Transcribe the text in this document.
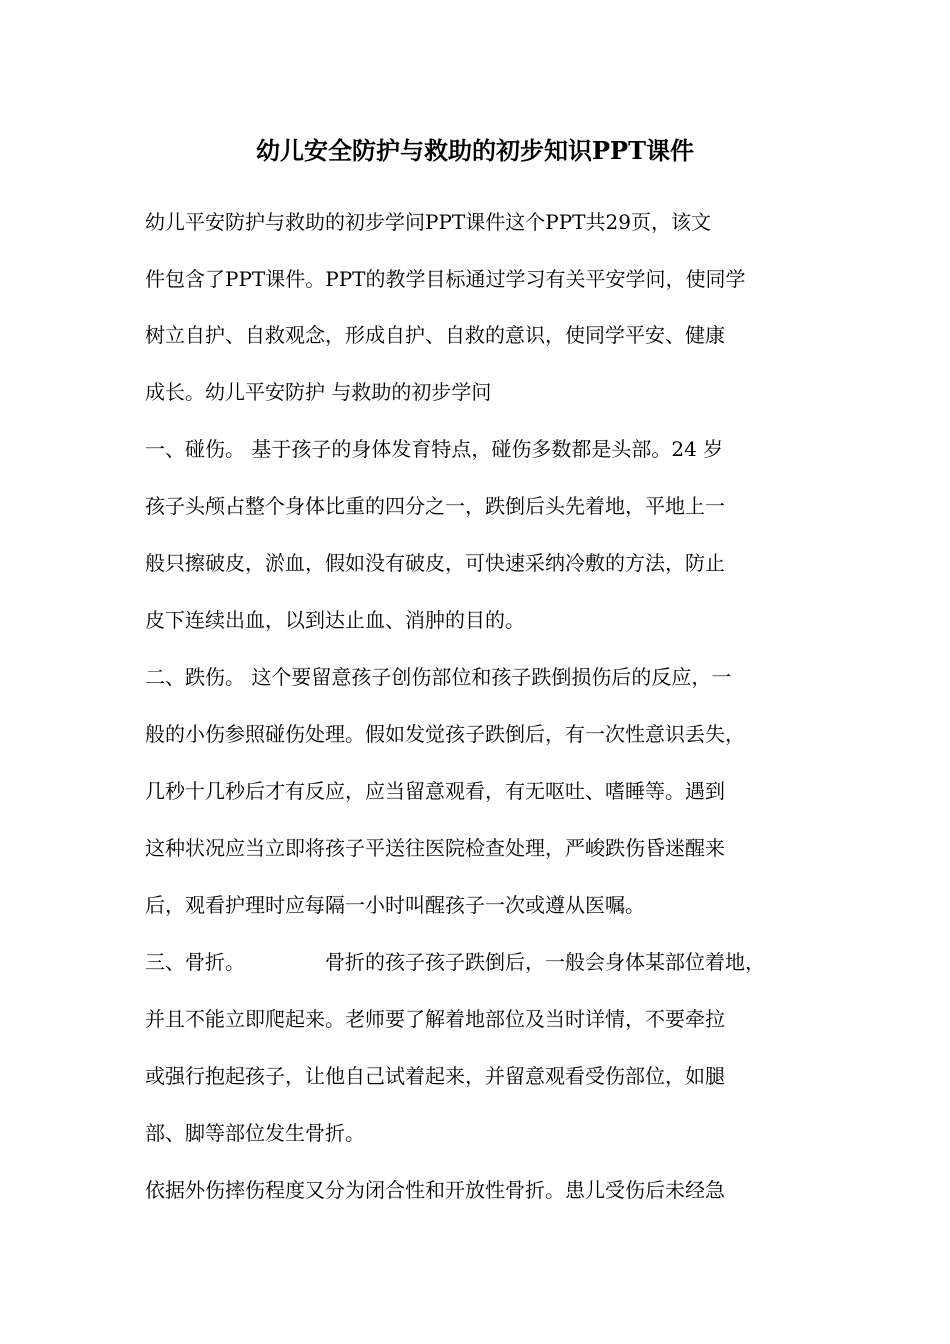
幼儿安全防护与救助的初步知识PPT课件
幼儿平安防护与救助的初步学问PPT课件这个PPT共29页，该文
件包含了PPT课件。PPT的教学目标通过学习有关平安学问，使同学
树立自护、自救观念，形成自护、自救的意识，使同学平安、健康
成长。幼儿平安防护 与救助的初步学问
一、碰伤。 基于孩子的身体发育特点，碰伤多数都是头部。24 岁
孩子头颅占整个身体比重的四分之一，跌倒后头先着地，平地上一
般只擦破皮，淤血，假如没有破皮，可快速采纳冷敷的方法，防止
皮下连续出血，以到达止血、消肿的目的。
二、跌伤。 这个要留意孩子创伤部位和孩子跌倒损伤后的反应，一
般的小伤参照碰伤处理。假如发觉孩子跌倒后，有一次性意识丢失，
几秒十几秒后才有反应，应当留意观看，有无呕吐、嗜睡等。遇到
这种状况应当立即将孩子平送往医院检查处理，严峻跌伤昏迷醒来
后，观看护理时应每隔一小时叫醒孩子一次或遵从医嘱。
三、骨折。	骨折的孩子孩子跌倒后，一般会身体某部位着地，
并且不能立即爬起来。老师要了解着地部位及当时详情，不要牵拉
或强行抱起孩子，让他自己试着起来，并留意观看受伤部位，如腿
部、脚等部位发生骨折。
依据外伤摔伤程度又分为闭合性和开放性骨折。患儿受伤后未经急
